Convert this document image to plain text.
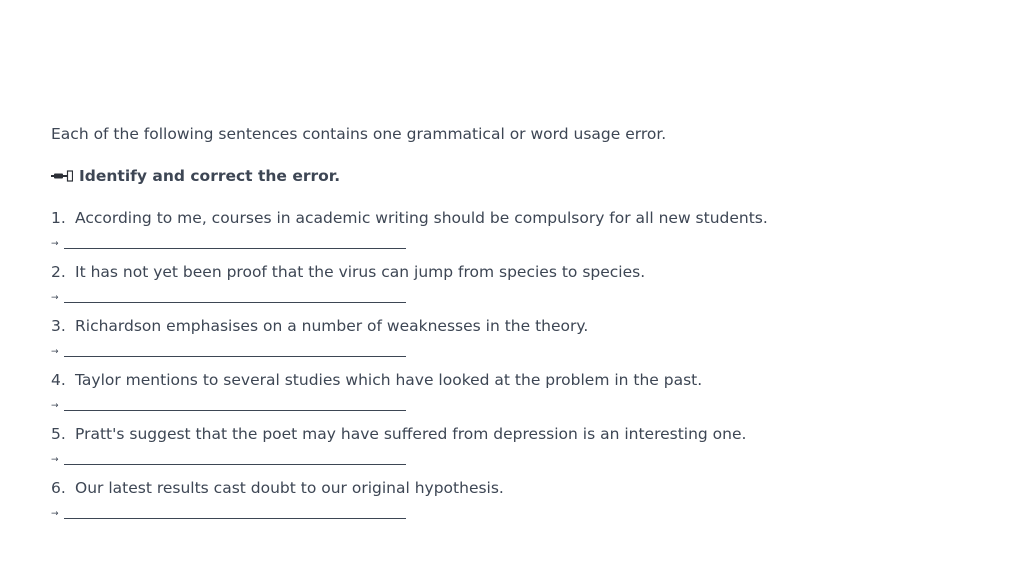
Each of the following sentences contains one grammatical or word usage error.
Identify and correct the error.
1. According to me, courses in academic writing should be compulsory for all new students.
→
2. It has not yet been proof that the virus can jump from species to species.
→
3. Richardson emphasises on a number of weaknesses in the theory.
→
4. Taylor mentions to several studies which have looked at the problem in the past.
→
5. Pratt's suggest that the poet may have suffered from depression is an interesting one.
→
6. Our latest results cast doubt to our original hypothesis.
→
